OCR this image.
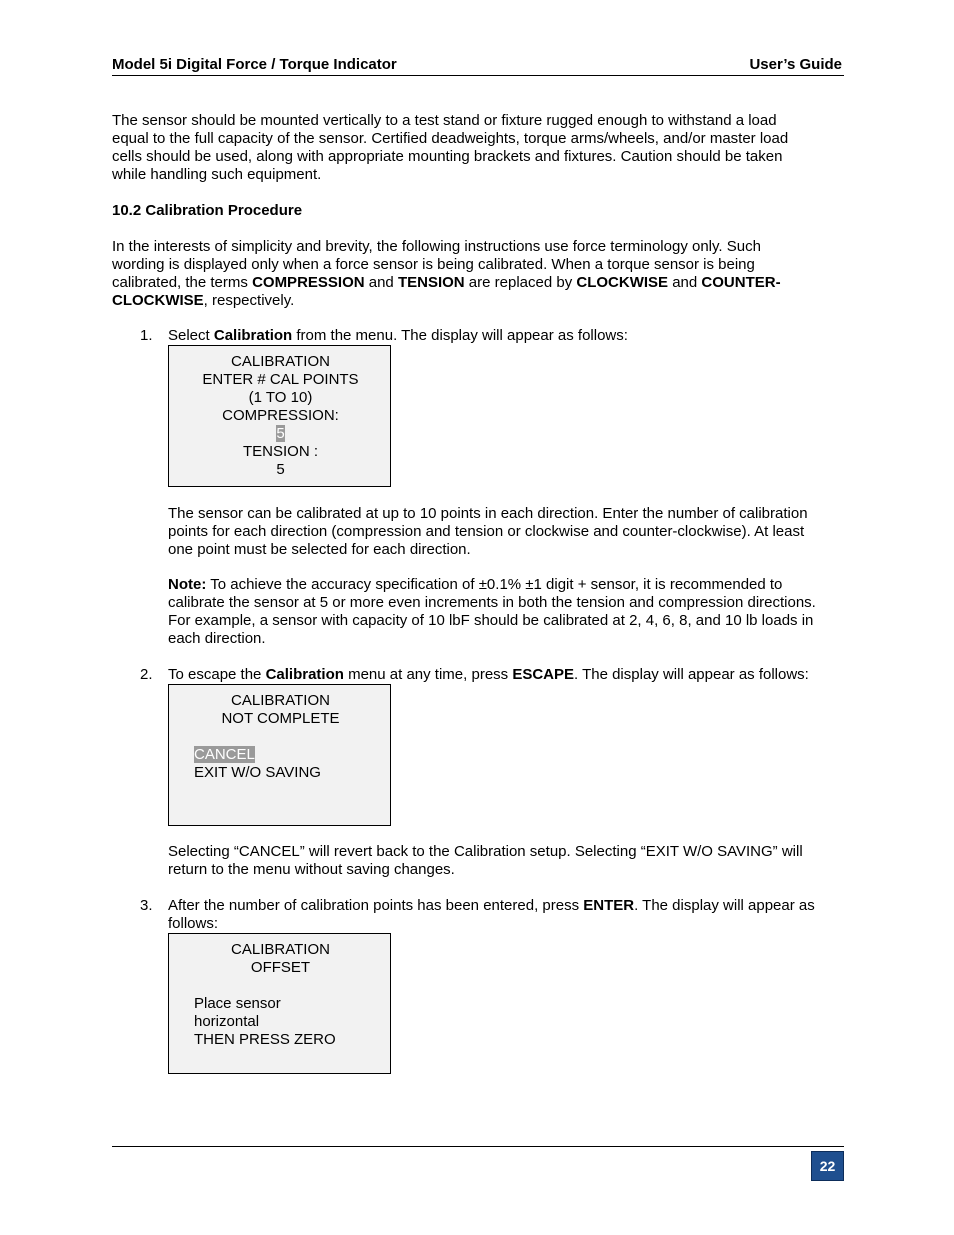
Model 5i Digital Force / Torque Indicator	User’s Guide
The sensor should be mounted vertically to a test stand or fixture rugged enough to withstand a load
equal to the full capacity of the sensor. Certified deadweights, torque arms/wheels, and/or master load
cells should be used, along with appropriate mounting brackets and fixtures. Caution should be taken
while handling such equipment.
10.2 Calibration Procedure
In the interests of simplicity and brevity, the following instructions use force terminology only. Such
wording is displayed only when a force sensor is being calibrated. When a torque sensor is being
calibrated, the terms COMPRESSION and TENSION are replaced by CLOCKWISE and COUNTER-
CLOCKWISE, respectively.
1. Select Calibration from the menu. The display will appear as follows:
CALIBRATION
ENTER # CAL POINTS
(1 TO 10)
COMPRESSION:
5
TENSION :
5
The sensor can be calibrated at up to 10 points in each direction. Enter the number of calibration
points for each direction (compression and tension or clockwise and counter-clockwise). At least
one point must be selected for each direction.
Note: To achieve the accuracy specification of ±0.1% ±1 digit + sensor, it is recommended to
calibrate the sensor at 5 or more even increments in both the tension and compression directions.
For example, a sensor with capacity of 10 lbF should be calibrated at 2, 4, 6, 8, and 10 lb loads in
each direction.
2. To escape the Calibration menu at any time, press ESCAPE. The display will appear as follows:
CALIBRATION
NOT COMPLETE
CANCEL
EXIT W/O SAVING
Selecting “CANCEL” will revert back to the Calibration setup. Selecting “EXIT W/O SAVING” will
return to the menu without saving changes.
3. After the number of calibration points has been entered, press ENTER. The display will appear as
follows:
CALIBRATION
OFFSET
Place sensor
horizontal
THEN PRESS ZERO
22
